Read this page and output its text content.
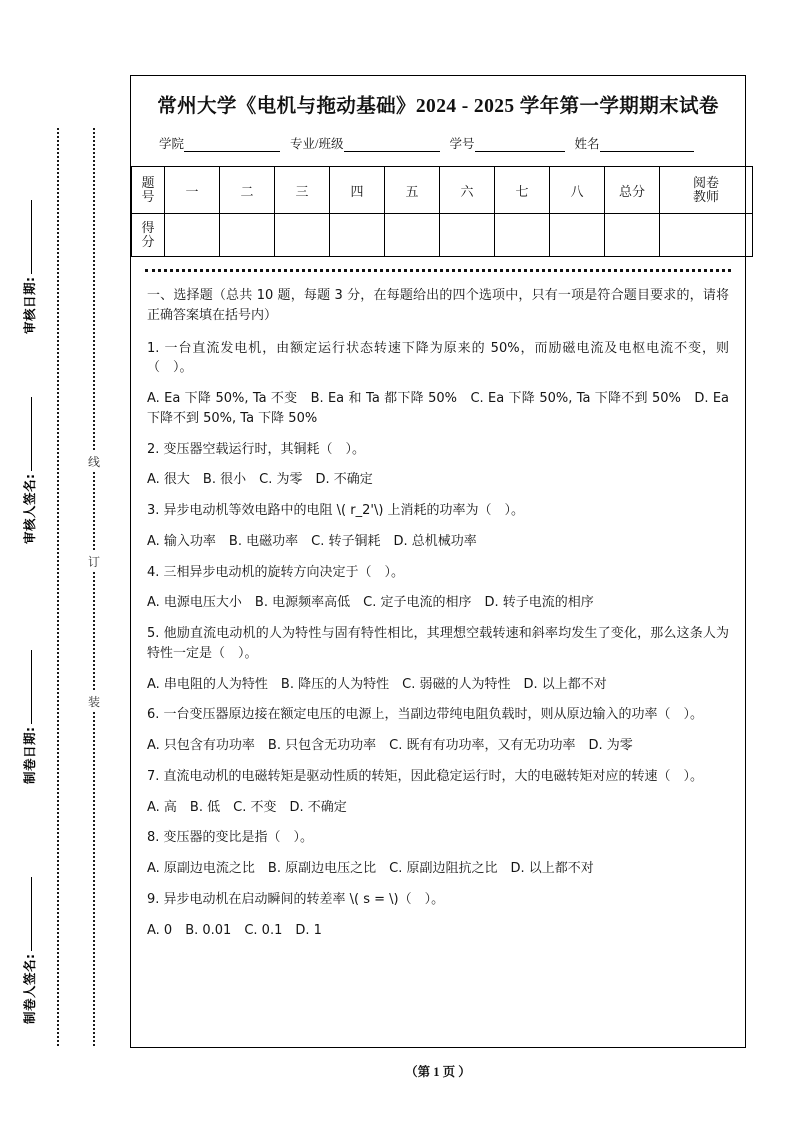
线
订
装
审核日期:
审核人签名:
制卷日期:
制卷人签名:
常州大学《电机与拖动基础》2024 - 2025 学年第一学期期末试卷
学院	专业/班级	学号	姓名
题
号	一	二	三	四	五	六	七	八	总分	阅卷
教师
得
分										
一、选择题（总共 10 题，每题 3 分，在每题给出的四个选项中，只有一项是符合题目要求的，请将正确答案填在括号内）
1. 一台直流发电机，由额定运行状态转速下降为原来的 50%，而励磁电流及电枢电流不变，则（　）。
A. Ea 下降 50%, Ta 不变　B. Ea 和 Ta 都下降 50%　C. Ea 下降 50%, Ta 下降不到 50%　D. Ea 下降不到 50%, Ta 下降 50%
2. 变压器空载运行时，其铜耗（　）。
A. 很大　B. 很小　C. 为零　D. 不确定
3. 异步电动机等效电路中的电阻 \( r_2'\) 上消耗的功率为（　）。
A. 输入功率　B. 电磁功率　C. 转子铜耗　D. 总机械功率
4. 三相异步电动机的旋转方向决定于（　）。
A. 电源电压大小　B. 电源频率高低　C. 定子电流的相序　D. 转子电流的相序
5. 他励直流电动机的人为特性与固有特性相比，其理想空载转速和斜率均发生了变化，那么这条人为特性一定是（　）。
A. 串电阻的人为特性　B. 降压的人为特性　C. 弱磁的人为特性　D. 以上都不对
6. 一台变压器原边接在额定电压的电源上，当副边带纯电阻负载时，则从原边输入的功率（　）。
A. 只包含有功功率　B. 只包含无功功率　C. 既有有功功率，又有无功功率　D. 为零
7. 直流电动机的电磁转矩是驱动性质的转矩，因此稳定运行时，大的电磁转矩对应的转速（　）。
A. 高　B. 低　C. 不变　D. 不确定
8. 变压器的变比是指（　）。
A. 原副边电流之比　B. 原副边电压之比　C. 原副边阻抗之比　D. 以上都不对
9. 异步电动机在启动瞬间的转差率 \( s = \)（　）。
A. 0　B. 0.01　C. 0.1　D. 1
（第 1 页 ）
